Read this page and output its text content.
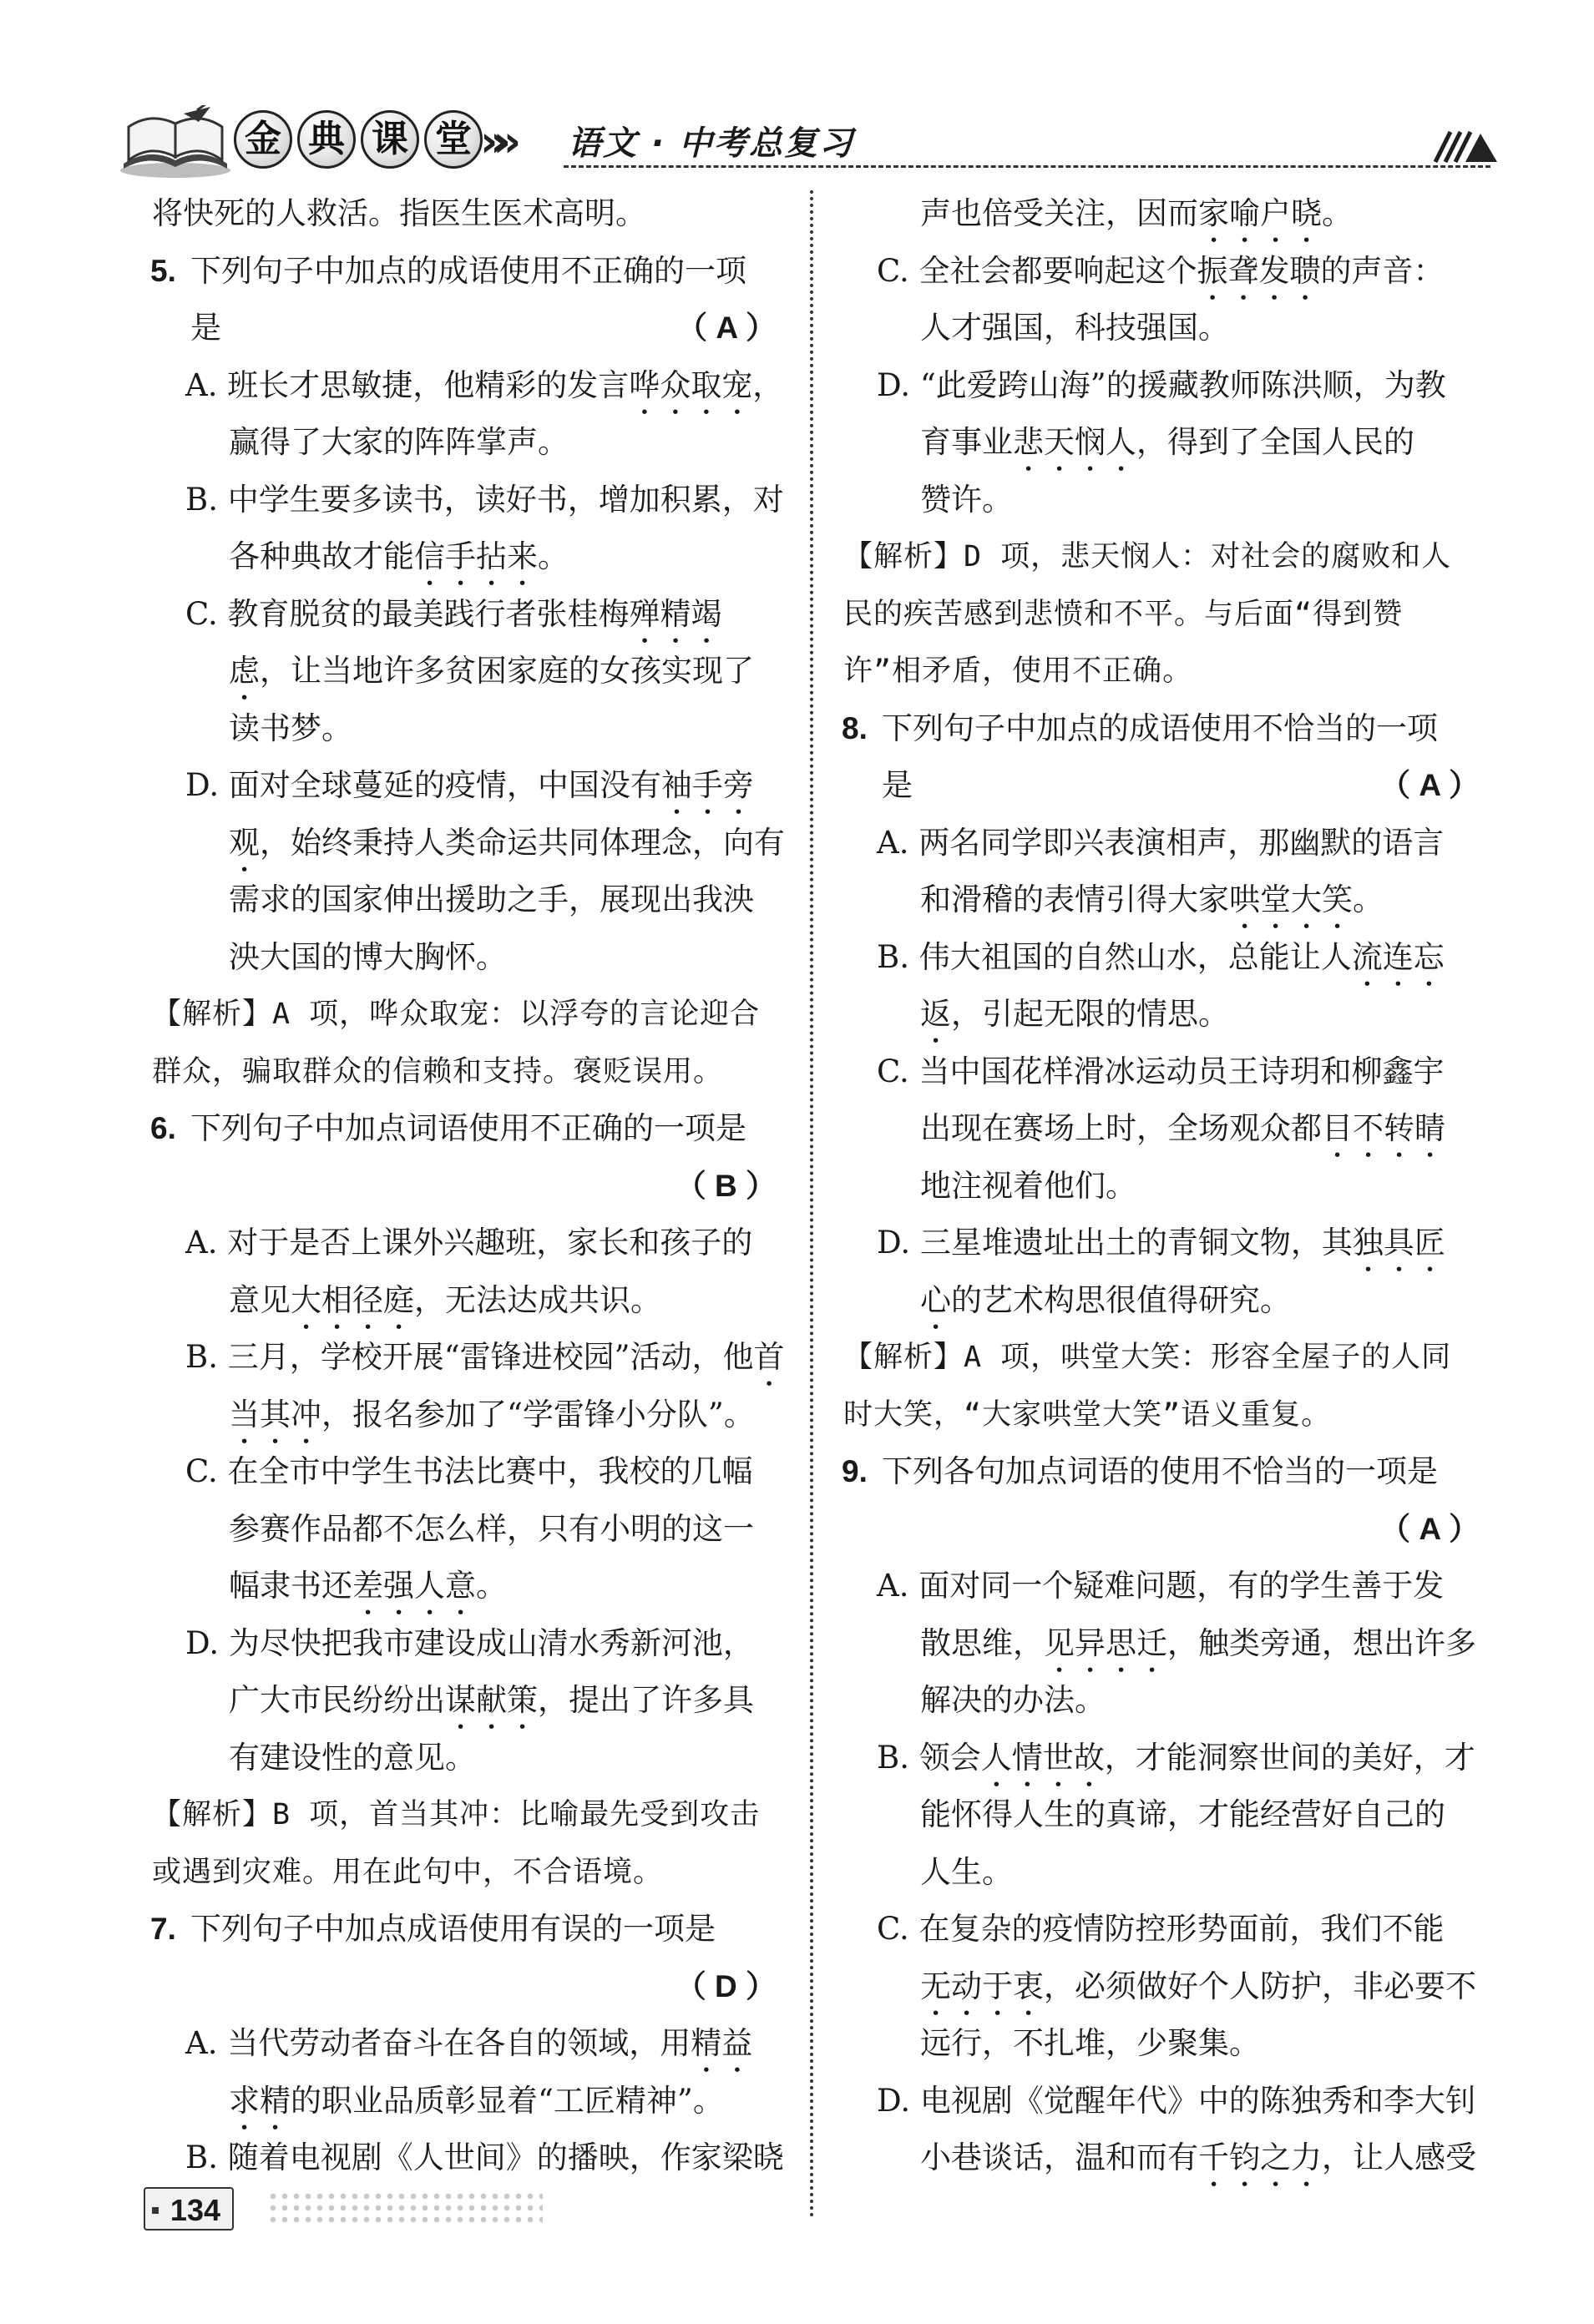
金 典 课 堂 »» 语文 · 中考总复习
将快死的人救活。指医生医术高明。
5. 下列句子中加点的成语使用不正确的一项
是	（ A ）
A. 班长才思敏捷，他精彩的发言哗众取宠，
赢得了大家的阵阵掌声。
B. 中学生要多读书，读好书，增加积累，对
各种典故才能信手拈来。
C. 教育脱贫的最美践行者张桂梅殚精竭
虑，让当地许多贫困家庭的女孩实现了
读书梦。
D. 面对全球蔓延的疫情，中国没有袖手旁
观，始终秉持人类命运共同体理念，向有
需求的国家伸出援助之手，展现出我泱
泱大国的博大胸怀。
【解析】A 项，哗众取宠：以浮夸的言论迎合
群众，骗取群众的信赖和支持。褒贬误用。
6. 下列句子中加点词语使用不正确的一项是
（ B ）
A. 对于是否上课外兴趣班，家长和孩子的
意见大相径庭，无法达成共识。
B. 三月，学校开展“雷锋进校园”活动，他首
当其冲，报名参加了“学雷锋小分队”。
C. 在全市中学生书法比赛中，我校的几幅
参赛作品都不怎么样，只有小明的这一
幅隶书还差强人意。
D. 为尽快把我市建设成山清水秀新河池，
广大市民纷纷出谋献策，提出了许多具
有建设性的意见。
【解析】B 项，首当其冲：比喻最先受到攻击
或遇到灾难。用在此句中，不合语境。
7. 下列句子中加点成语使用有误的一项是
（ D ）
A. 当代劳动者奋斗在各自的领域，用精益
求精的职业品质彰显着“工匠精神”。
B. 随着电视剧《人世间》的播映，作家梁晓
声也倍受关注，因而家喻户晓。
C. 全社会都要响起这个振聋发聩的声音：
人才强国，科技强国。
D. “此爱跨山海”的援藏教师陈洪顺，为教
育事业悲天悯人，得到了全国人民的
赞许。
【解析】D 项，悲天悯人：对社会的腐败和人
民的疾苦感到悲愤和不平。与后面“得到赞
许”相矛盾，使用不正确。
8. 下列句子中加点的成语使用不恰当的一项
是	（ A ）
A. 两名同学即兴表演相声，那幽默的语言
和滑稽的表情引得大家哄堂大笑。
B. 伟大祖国的自然山水，总能让人流连忘
返，引起无限的情思。
C. 当中国花样滑冰运动员王诗玥和柳鑫宇
出现在赛场上时，全场观众都目不转睛
地注视着他们。
D. 三星堆遗址出土的青铜文物，其独具匠
心的艺术构思很值得研究。
【解析】A 项，哄堂大笑：形容全屋子的人同
时大笑，“大家哄堂大笑”语义重复。
9. 下列各句加点词语的使用不恰当的一项是
（ A ）
A. 面对同一个疑难问题，有的学生善于发
散思维，见异思迁，触类旁通，想出许多
解决的办法。
B. 领会人情世故，才能洞察世间的美好，才
能怀得人生的真谛，才能经营好自己的
人生。
C. 在复杂的疫情防控形势面前，我们不能
无动于衷，必须做好个人防护，非必要不
远行，不扎堆，少聚集。
D. 电视剧《觉醒年代》中的陈独秀和李大钊
小巷谈话，温和而有千钧之力，让人感受
134
